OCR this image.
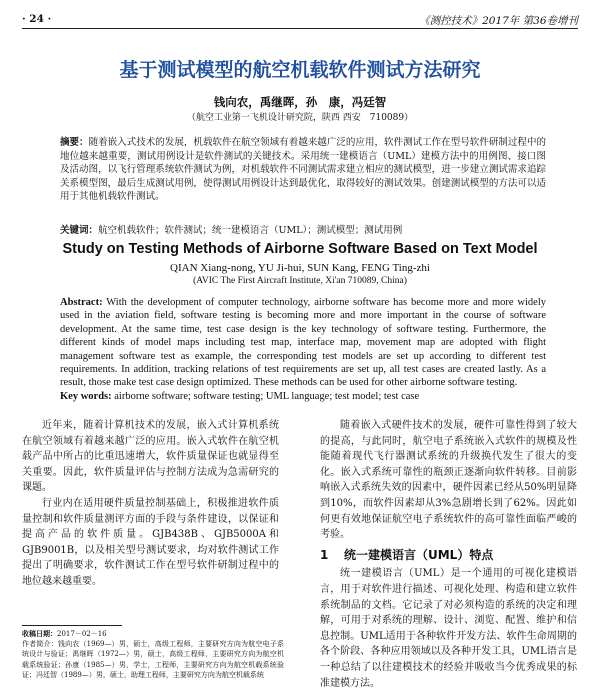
· 24 ·	《测控技术》2017年 第36卷增刊
基于测试模型的航空机载软件测试方法研究
钱向农，禹继晖，孙　康，冯廷智
（航空工业第一飞机设计研究院，陕西 西安　710089）
摘要：随着嵌入式技术的发展，机载软件在航空领域有着越来越广泛的应用，软件测试工作在型号软件研制过程中的地位越来越重要，测试用例设计是软件测试的关键技术。采用统一建模语言（UML）建模方法中的用例图、接口图及活动图，以飞行管理系统软件测试为例，对机载软件不同测试需求建立相应的测试模型，进一步建立测试需求追踪关系模型图，最后生成测试用例，使得测试用例设计达到最优化，取得较好的测试效果。创建测试模型的方法可以适用于其他机载软件测试。
关键词：航空机载软件；软件测试；统一建模语言（UML）；测试模型；测试用例
Study on Testing Methods of Airborne Software Based on Text Model
QIAN Xiang-nong, YU Ji-hui, SUN Kang, FENG Ting-zhi
(AVIC The First Aircraft Institute, Xi'an 710089, China)
Abstract: With the development of computer technology, airborne software has become more and more widely used in the aviation field, software testing is becoming more and more important in the course of software development. At the same time, test case design is the key technology of software testing. Furthermore, the different kinds of model maps including test map, interface map, movement map are adopted with flight management software test as example, the corresponding test models are set up according to different test requirements. In addition, tracking relations of test requirements are set up, all test cases are created lastly. As a result, those make test case design optimized. These methods can be used for other airborne software testing.
Key words: airborne software; software testing; UML language; test model; test case

近年来，随着计算机技术的发展，嵌入式计算机系统在航空领域有着越来越广泛的应用。嵌入式软件在航空机载产品中所占的比重迅速增大，软件质量保证也就显得至关重要。因此，软件质量评估与控制方法成为急需研究的课题。

行业内在适用硬件质量控制基础上，积极推进软件质量控制和软件质量测评方面的手段与条件建设，以保证和提高产品的软件质量。GJB438B、GJB5000A和GJB9001B，以及相关型号测试要求，均对软件测试工作提出了明确要求，软件测试工作在型号软件研制过程中的地位越来越重要。

随着嵌入式硬件技术的发展，硬件可靠性得到了较大的提高，与此同时，航空电子系统嵌入式软件的规模及性能随着现代飞行器测试系统的升级换代发生了很大的变化。嵌入式系统可靠性的瓶颈正逐渐向软件转移。目前影响嵌入式系统失效的因素中，硬件因素已经从50%明显降到10%，而软件因素却从3%急剧增长到了62%。因此如何更有效地保证航空电子系统软件的高可靠性面临严峻的考验。

1 统一建模语言（UML）特点

统一建模语言（UML）是一个通用的可视化建模语言，用于对软件进行描述、可视化处理、构造和建立软件系统制品的文档。它记录了对必须构造的系统的决定和理解，可用于对系统的理解、设计、浏览、配置、维护和信息控制。UML适用于各种软件开发方法、软件生命周期的各个阶段、各种应用领域以及各种开发工具，UML语言是一种总结了以往建模技术的经验并吸收当今优秀成果的标准建模方法。

收稿日期：2017－02－16
作者简介：钱向农（1969—）男，硕士，高级工程师，主要研究方向为航空电子系统设计与验证；禹继晖（1972—）男，硕士，高级工程师，主要研究方向为航空机载系统验证；孙康（1985—）男，学士，工程师，主要研究方向为航空机载系统验证；冯廷智（1989—）男，硕士，助理工程师，主要研究方向为航空机载系统
